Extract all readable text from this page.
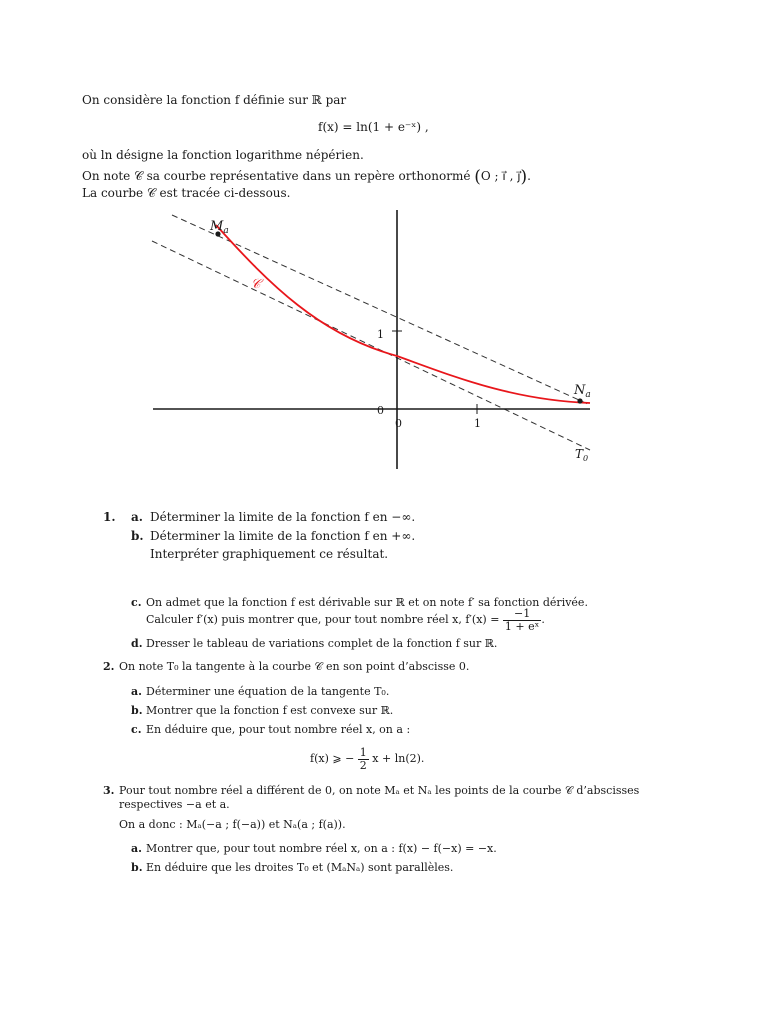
On considère la fonction f définie sur ℝ par
f(x) = ln(1 + e⁻ˣ) ,
où ln désigne la fonction logarithme népérien.
On note 𝒞 sa courbe représentative dans un repère orthonormé (O ; i⃗ , j⃗).
La courbe 𝒞 est tracée ci-dessous.
$M_a$
$N_a$
𝒞
$T_0$
1
1
0
0
1. a. Déterminer la limite de la fonction f en −∞.
b. Déterminer la limite de la fonction f en +∞.
Interpréter graphiquement ce résultat.
c. On admet que la fonction f est dérivable sur ℝ et on note f′ sa fonction dérivée.
Calculer f′(x) puis montrer que, pour tout nombre réel x, $f'(x) = \frac{-1}{\text{1 + eˣ}}$ .
d. Dresser le tableau de variations complet de la fonction f sur ℝ.
2. On note T₀ la tangente à la courbe 𝒞 en son point d’abscisse 0.
a. Déterminer une équation de la tangente T₀.
b. Montrer que la fonction f est convexe sur ℝ.
c. En déduire que, pour tout nombre réel x, on a :
f(x) ⩾ − $\frac{1}{2}$ x + ln(2).
3. Pour tout nombre réel a différent de 0, on note Mₐ et Nₐ les points de la courbe 𝒞 d’abscisses
respectives −a et a.
On a donc : Mₐ(−a ; f(−a)) et Nₐ(a ; f(a)).
a. Montrer que, pour tout nombre réel x, on a : f(x) − f(−x) = −x.
b. En déduire que les droites T₀ et (MₐNₐ) sont parallèles.
